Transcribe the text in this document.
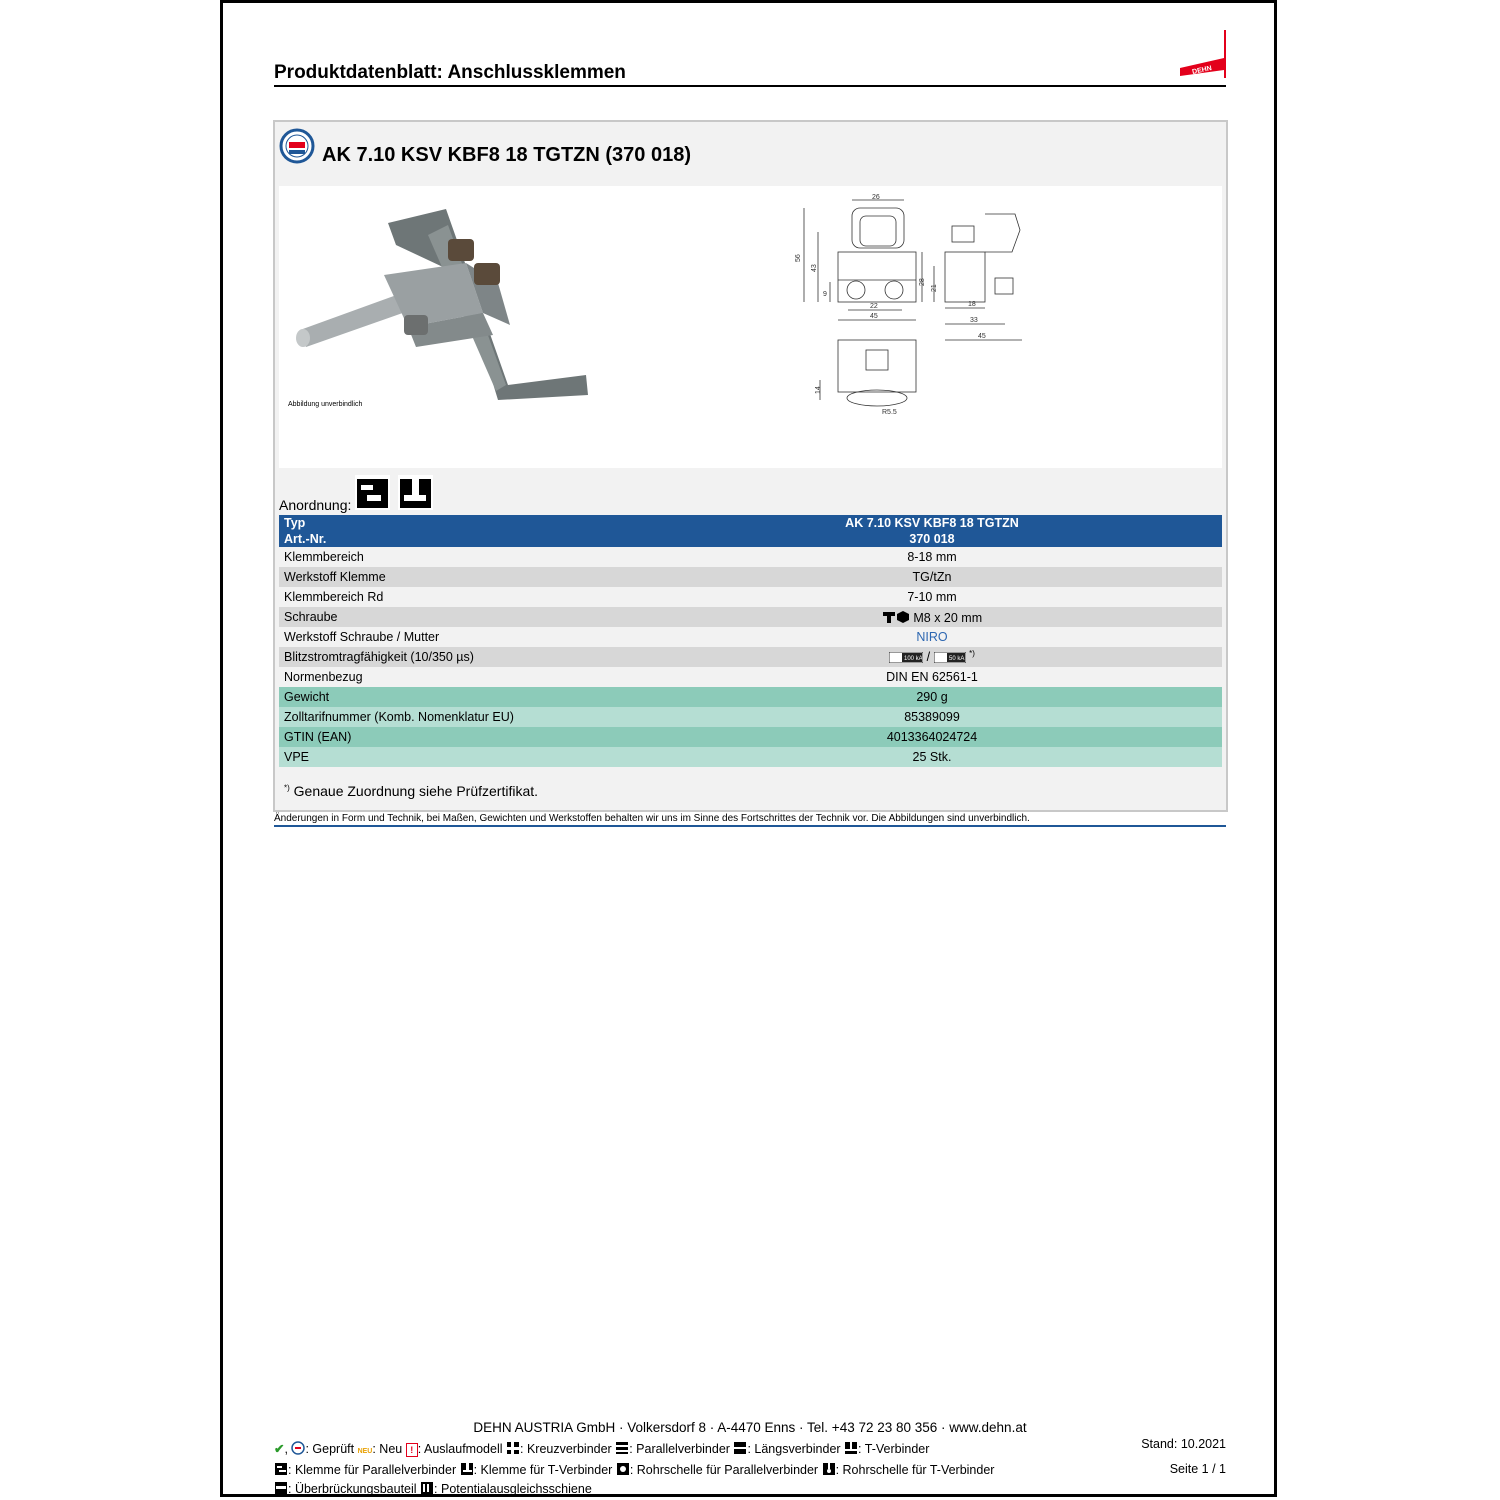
Produktdatenblatt: Anschlussklemmen	DEHN
AK 7.10 KSV KBF8 18 TGTZN (370 018)
Abbildung unverbindlich
26
56
43
9
28
21
22
45
18
33
45
14
R5.5
Anordnung:
Typ	AK 7.10 KSV KBF8 18 TGTZN
Art.-Nr.	370 018
Klemmbereich	8-18 mm
Werkstoff Klemme	TG/tZn
Klemmbereich Rd	7-10 mm
Schraube	M8 x 20 mm
Werkstoff Schraube / Mutter	NIRO
Blitzstromtragfähigkeit (10/350 µs)	100 kA / 50 kA
*)
Normenbezug	DIN EN 62561-1
Gewicht	290 g
Zolltarifnummer (Komb. Nomenklatur EU)	85389099
GTIN (EAN)	4013364024724
VPE	25 Stk.
*) Genaue Zuordnung siehe Prüfzertifikat.
Änderungen in Form und Technik, bei Maßen, Gewichten und Werkstoffen behalten wir uns im Sinne des Fortschrittes der Technik vor. Die Abbildungen sind unverbindlich.
DEHN AUSTRIA GmbH · Volkersdorf 8 · A-4470 Enns · Tel. +43 72 23 80 356 · www.dehn.at
✔, : Geprüft NEU: Neu ! : Auslaufmodell : Kreuzverbinder : Parallelverbinder : Längsverbinder : T-Verbinder
: Klemme für Parallelverbinder : Klemme für T-Verbinder : Rohrschelle für Parallelverbinder : Rohrschelle für T-Verbinder
: Überbrückungsbauteil : Potentialausgleichsschiene
Stand: 10.2021
Seite 1 / 1
